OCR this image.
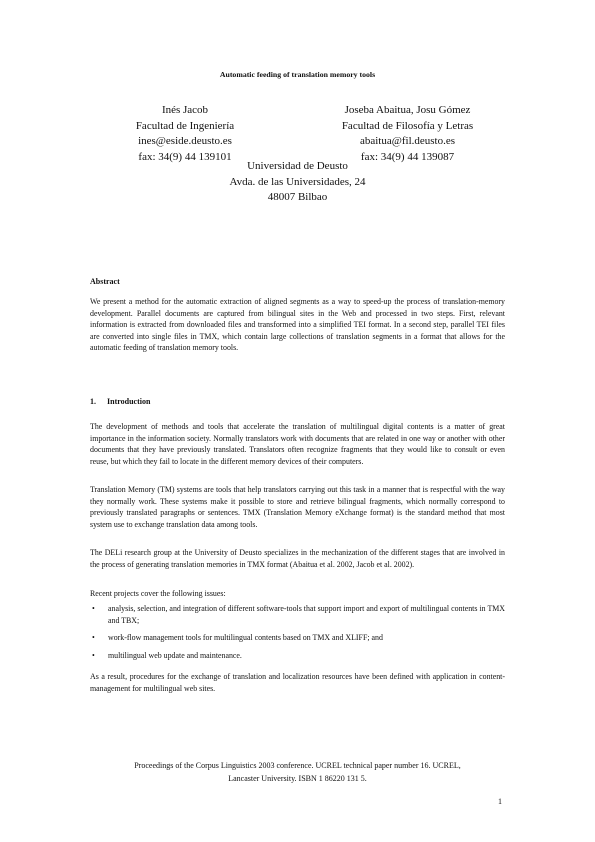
Automatic feeding of translation memory tools
Inés Jacob
Facultad de Ingeniería
ines@eside.deusto.es
fax: 34(9) 44 139101
Joseba Abaitua, Josu Gómez
Facultad de Filosofía y Letras
abaitua@fil.deusto.es
fax: 34(9) 44 139087
Universidad de Deusto
Avda. de las Universidades, 24
48007 Bilbao
Abstract
We present a method for the automatic extraction of aligned segments as a way to speed-up the process of translation-memory development. Parallel documents are captured from bilingual sites in the Web and processed in two steps. First, relevant information is extracted from downloaded files and transformed into a simplified TEI format. In a second step, parallel TEI files are converted into single files in TMX, which contain large collections of translation segments in a format that allows for the automatic feeding of translation memory tools.
1. Introduction
The development of methods and tools that accelerate the translation of multilingual digital contents is a matter of great importance in the information society. Normally translators work with documents that are related in one way or another with other documents that they have previously translated. Translators often recognize fragments that they would like to consult or even reuse, but which they fail to locate in the different memory devices of their computers.
Translation Memory (TM) systems are tools that help translators carrying out this task in a manner that is respectful with the way they normally work. These systems make it possible to store and retrieve bilingual fragments, which normally correspond to previously translated paragraphs or sentences. TMX (Translation Memory eXchange format) is the standard method that most system use to exchange translation data among tools.
The DELi research group at the University of Deusto specializes in the mechanization of the different stages that are involved in the process of generating translation memories in TMX format (Abaitua et al. 2002, Jacob et al. 2002).
Recent projects cover the following issues:
• analysis, selection, and integration of different software-tools that support import and export of multilingual contents in TMX and TBX;
• work-flow management tools for multilingual contents based on TMX and XLIFF; and
• multilingual web update and maintenance.
As a result, procedures for the exchange of translation and localization resources have been defined with application in content-management for multilingual web sites.
Proceedings of the Corpus Linguistics 2003 conference. UCREL technical paper number 16. UCREL,
Lancaster University. ISBN 1 86220 131 5.
1
